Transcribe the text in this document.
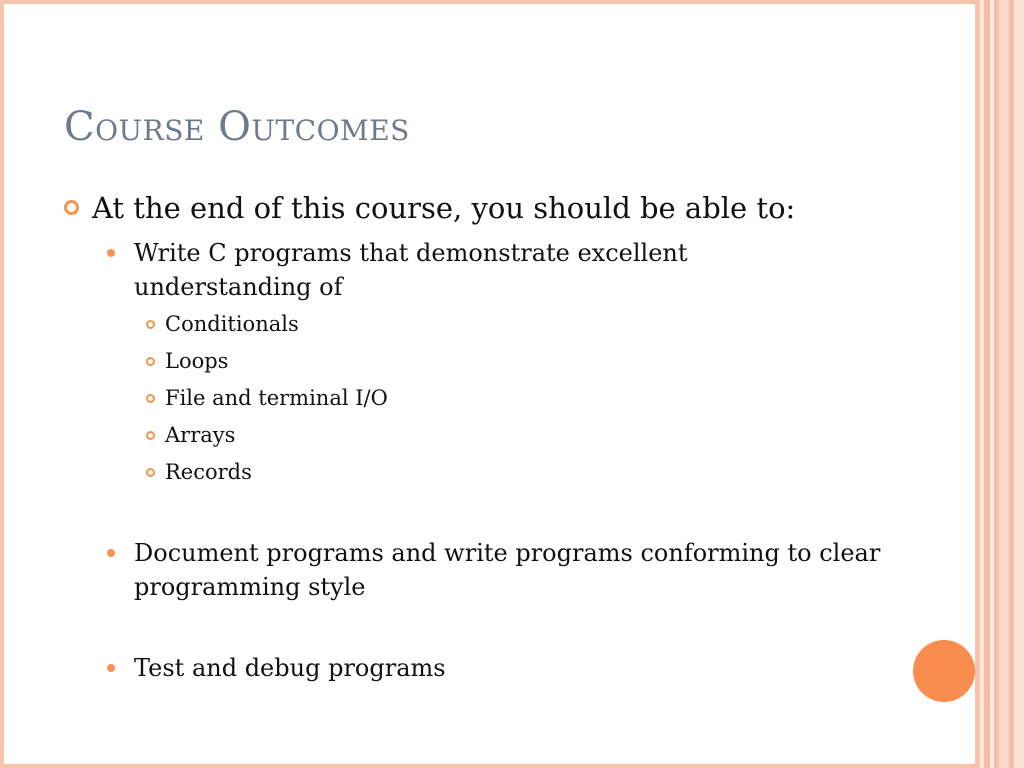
Course Outcomes
At the end of this course, you should be able to:
Write C programs that demonstrate excellent understanding of
Conditionals
Loops
File and terminal I/O
Arrays
Records
Document programs and write programs conforming to clear programming style
Test and debug programs
